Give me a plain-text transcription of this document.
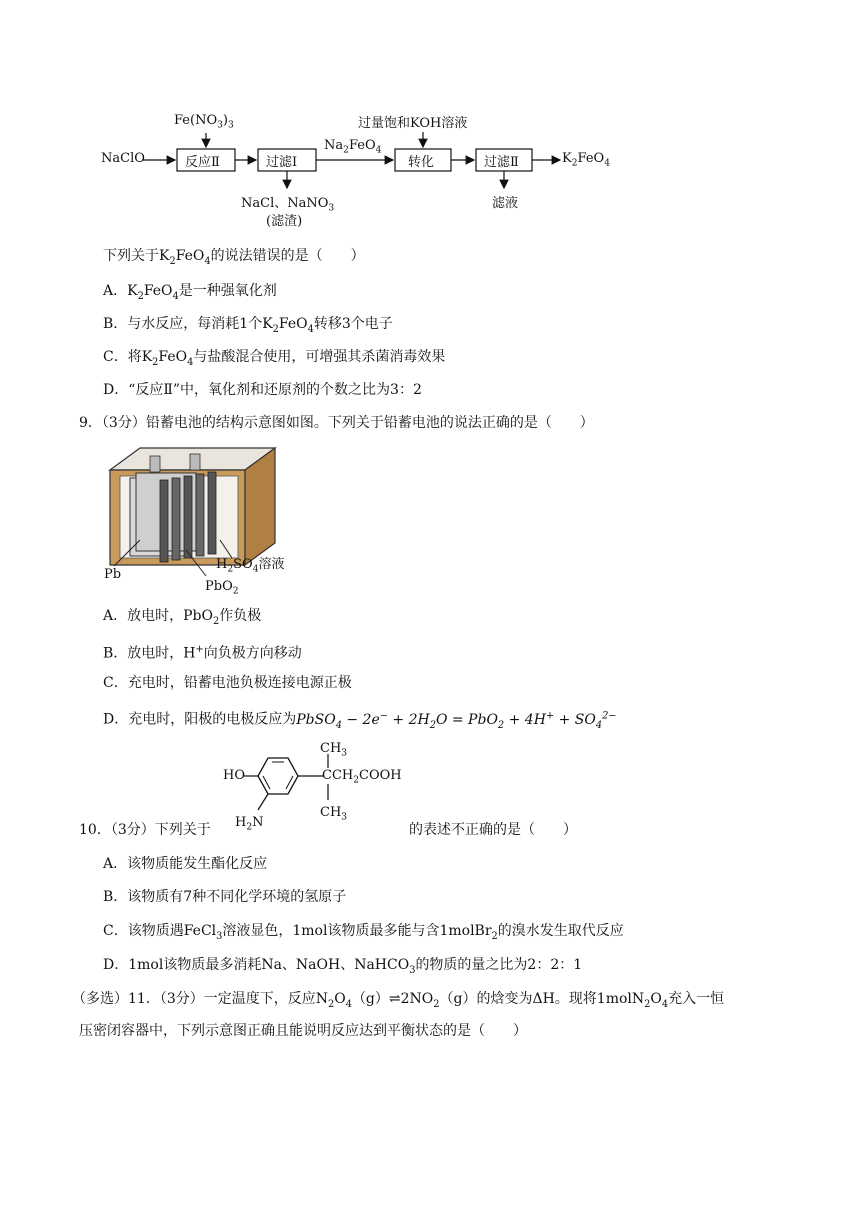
NaClO
$Fe(NO_3)_3$
反应Ⅱ	过滤Ⅰ
$Na_2FeO_4$
转化
过量饱和KOH溶液
过滤Ⅱ	$K_2FeO_4$
NaCl、NaNO$_3$
(滤渣)
滤液
下列关于$K_2FeO_4$的说法错误的是（　　）
A．$K_2FeO_4$是一种强氧化剂
B．与水反应，每消耗1个$K_2FeO_4$转移3个电子
C．将$K_2FeO_4$与盐酸混合使用，可增强其杀菌消毒效果
D．“反应Ⅱ”中，氧化剂和还原剂的个数之比为3：2
9．（3分）铅蓄电池的结构示意图如图。下列关于铅蓄电池的说法正确的是（　　）
Pb
PbO$_2$
$H_2SO_4$溶液
A．放电时，PbO$_2$作负极
B．放电时，H+向负极方向移动
C．充电时，铅蓄电池负极连接电源正极
D．充电时，阳极的电极反应为PbSO$_4$ − $2e^- + 2H_2O = PbO_2 + 4H^+ + SO_4^{2-}$
HO
$H_2N$
$CH_3$
$CCH_2COOH$
$CH_3$
10．（3分）下列关于	的表述不正确的是（　　）
A．该物质能发生酯化反应
B．该物质有7种不同化学环境的氢原子
C．该物质遇FeCl$_3$溶液显色，1mol该物质最多能与含1molBr$_2$的溴水发生取代反应
D．1mol该物质最多消耗Na、NaOH、NaHCO$_3$的物质的量之比为2：2：1
（多选）11．（3分）一定温度下，反应$N_2O_4(g)\rightleftharpoons 2NO_2(g)$的焓变为ΔH。现将$1molN_2O_4$充入一恒
压密闭容器中，下列示意图正确且能说明反应达到平衡状态的是（　　）
